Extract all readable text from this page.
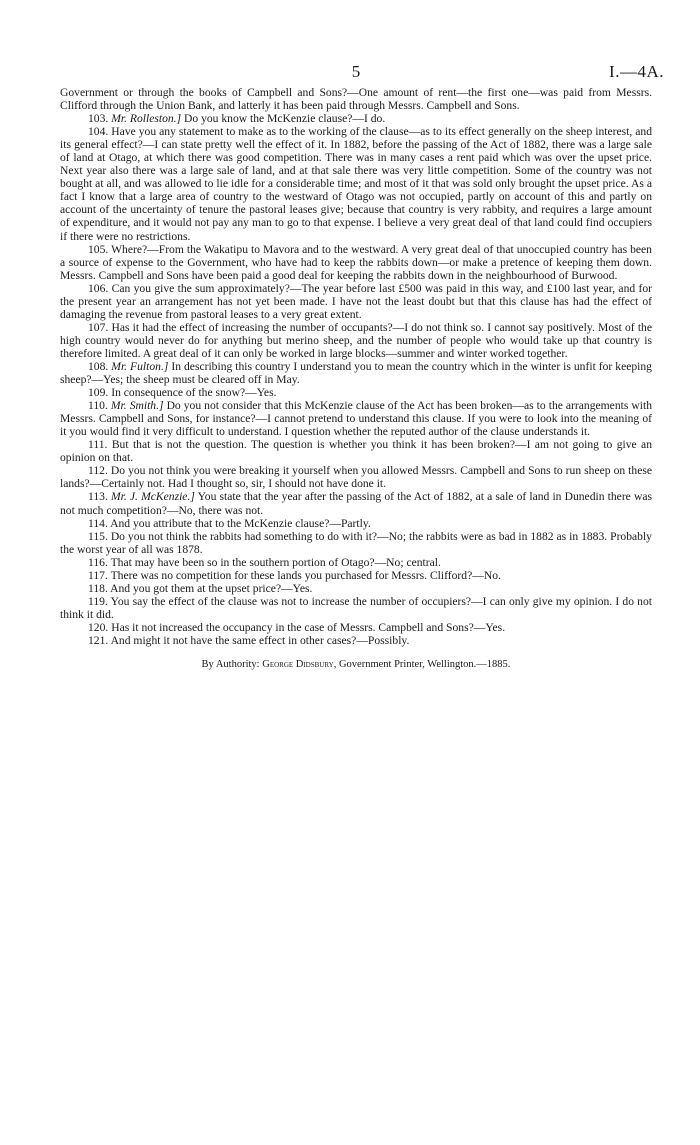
5	I.—4A.

Government or through the books of Campbell and Sons?—One amount of rent—the first one—was paid from Messrs. Clifford through the Union Bank, and latterly it has been paid through Messrs. Campbell and Sons.

103. Mr. Rolleston.] Do you know the McKenzie clause?—I do.

104. Have you any statement to make as to the working of the clause—as to its effect generally on the sheep interest, and its general effect?—I can state pretty well the effect of it. In 1882, before the passing of the Act of 1882, there was a large sale of land at Otago, at which there was good competition. There was in many cases a rent paid which was over the upset price. Next year also there was a large sale of land, and at that sale there was very little competition. Some of the country was not bought at all, and was allowed to lie idle for a considerable time; and most of it that was sold only brought the upset price. As a fact I know that a large area of country to the westward of Otago was not occupied, partly on account of this and partly on account of the uncertainty of tenure the pastoral leases give; because that country is very rabbity, and requires a large amount of expenditure, and it would not pay any man to go to that expense. I believe a very great deal of that land could find occupiers if there were no restrictions.

105. Where?—From the Wakatipu to Mavora and to the westward. A very great deal of that unoccupied country has been a source of expense to the Government, who have had to keep the rabbits down—or make a pretence of keeping them down. Messrs. Campbell and Sons have been paid a good deal for keeping the rabbits down in the neighbourhood of Burwood.

106. Can you give the sum approximately?—The year before last £500 was paid in this way, and £100 last year, and for the present year an arrangement has not yet been made. I have not the least doubt but that this clause has had the effect of damaging the revenue from pastoral leases to a very great extent.

107. Has it had the effect of increasing the number of occupants?—I do not think so. I cannot say positively. Most of the high country would never do for anything but merino sheep, and the number of people who would take up that country is therefore limited. A great deal of it can only be worked in large blocks—summer and winter worked together.

108. Mr. Fulton.] In describing this country I understand you to mean the country which in the winter is unfit for keeping sheep?—Yes; the sheep must be cleared off in May.

109. In consequence of the snow?—Yes.

110. Mr. Smith.] Do you not consider that this McKenzie clause of the Act has been broken—as to the arrangements with Messrs. Campbell and Sons, for instance?—I cannot pretend to understand this clause. If you were to look into the meaning of it you would find it very difficult to understand. I question whether the reputed author of the clause understands it.

111. But that is not the question. The question is whether you think it has been broken?—I am not going to give an opinion on that.

112. Do you not think you were breaking it yourself when you allowed Messrs. Campbell and Sons to run sheep on these lands?—Certainly not. Had I thought so, sir, I should not have done it.

113. Mr. J. McKenzie.] You state that the year after the passing of the Act of 1882, at a sale of land in Dunedin there was not much competition?—No, there was not.

114. And you attribute that to the McKenzie clause?—Partly.

115. Do you not think the rabbits had something to do with it?—No; the rabbits were as bad in 1882 as in 1883. Probably the worst year of all was 1878.

116. That may have been so in the southern portion of Otago?—No; central.

117. There was no competition for these lands you purchased for Messrs. Clifford?—No.

118. And you got them at the upset price?—Yes.

119. You say the effect of the clause was not to increase the number of occupiers?—I can only give my opinion. I do not think it did.

120. Has it not increased the occupancy in the case of Messrs. Campbell and Sons?—Yes.

121. And might it not have the same effect in other cases?—Possibly.

By Authority: George Didsbury, Government Printer, Wellington.—1885.
